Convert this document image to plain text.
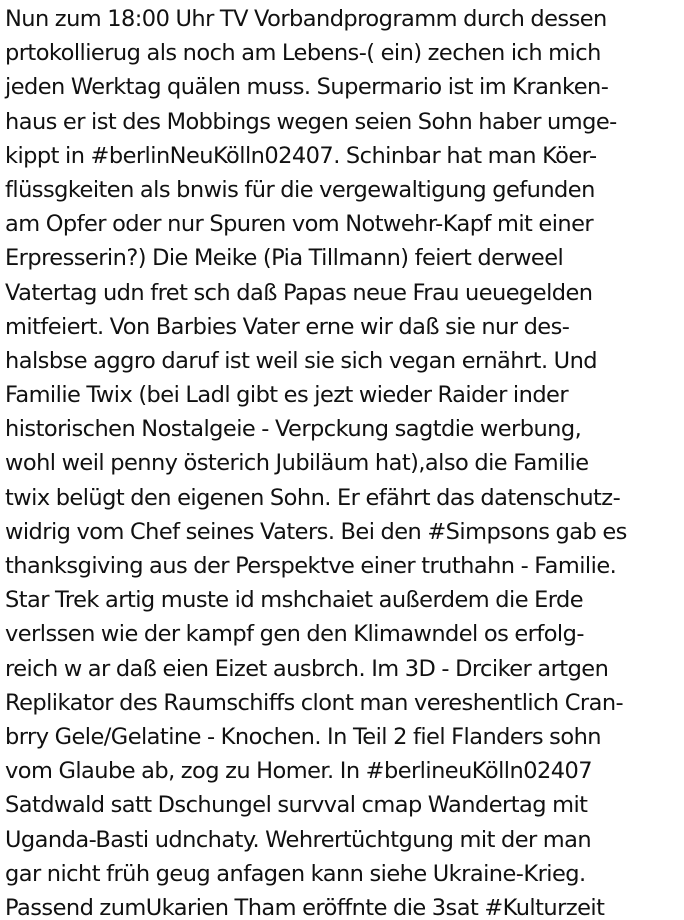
Nun zum 18:00 Uhr TV Vorbandprogramm durch dessen
prtokollierug als noch am Lebens-( ein) zechen ich mich
jeden Werktag quälen muss. Supermario ist im Kranken-
haus er ist des Mobbings wegen seien Sohn haber umge-
kippt in #berlinNeuKölln02407. Schinbar hat man Köer-
flüssgkeiten als bnwis für die vergewaltigung gefunden
am Opfer oder nur Spuren vom Notwehr-Kapf mit einer
Erpresserin?) Die Meike (Pia Tillmann) feiert derweel
Vatertag udn fret sch daß Papas neue Frau ueuegelden
mitfeiert. Von Barbies Vater erne wir daß sie nur des-
halsbse aggro daruf ist weil sie sich vegan ernährt. Und
Familie Twix (bei Ladl gibt es jezt wieder Raider inder
historischen Nostalgeie - Verpckung sagtdie werbung,
wohl weil penny österich Jubiläum hat),also die Familie
twix belügt den eigenen Sohn. Er efährt das datenschutz-
widrig vom Chef seines Vaters. Bei den #Simpsons gab es
thanksgiving aus der Perspektve einer truthahn - Familie.
Star Trek artig muste id mshchaiet außerdem die Erde
verlssen wie der kampf gen den Klimawndel os erfolg-
reich w ar daß eien Eizet ausbrch. Im 3D - Drciker artgen
Replikator des Raumschiffs clont man vereshentlich Cran-
brry Gele/Gelatine - Knochen. In Teil 2 fiel Flanders sohn
vom Glaube ab, zog zu Homer. In #berlineuKölln02407
Satdwald satt Dschungel survval cmap Wandertag mit
Uganda-Basti udnchaty. Wehrertüchtgung mit der man
gar nicht früh geug anfagen kann siehe Ukraine-Krieg.
Passend zumUkarien Tham eröffnte die 3sat #Kulturzeit
